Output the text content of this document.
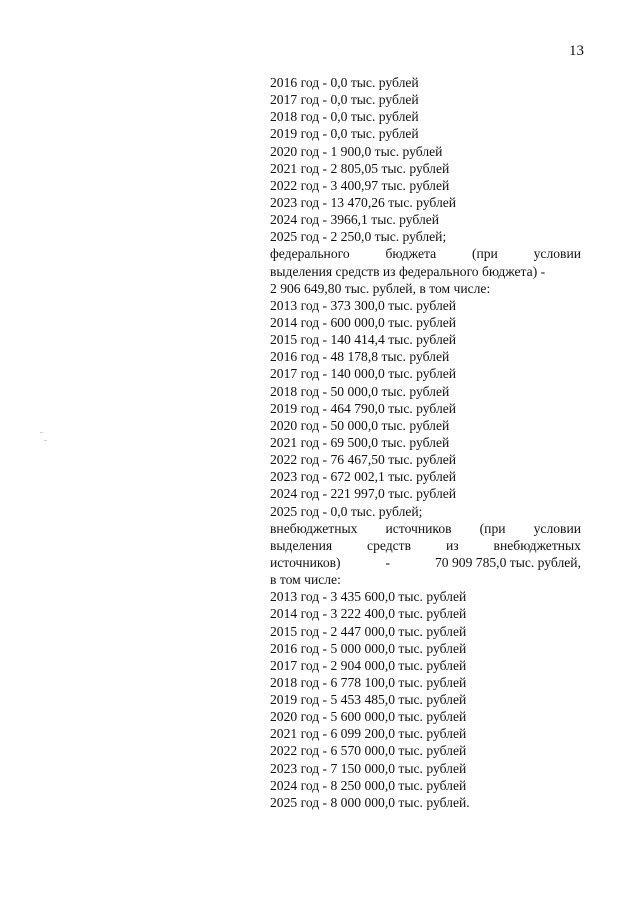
13
2016 год - 0,0 тыс. рублей
2017 год - 0,0 тыс. рублей
2018 год - 0,0 тыс. рублей
2019 год - 0,0 тыс. рублей
2020 год - 1 900,0 тыс. рублей
2021 год - 2 805,05 тыс. рублей
2022 год - 3 400,97 тыс. рублей
2023 год - 13 470,26 тыс. рублей
2024 год - 3966,1 тыс. рублей
2025 год - 2 250,0 тыс. рублей;
федерального	бюджета	(при	условии
выделения средств из федерального бюджета) -
2 906 649,80 тыс. рублей, в том числе:
2013 год - 373 300,0 тыс. рублей
2014 год - 600 000,0 тыс. рублей
2015 год - 140 414,4 тыс. рублей
2016 год - 48 178,8 тыс. рублей
2017 год - 140 000,0 тыс. рублей
2018 год - 50 000,0 тыс. рублей
2019 год - 464 790,0 тыс. рублей
2020 год - 50 000,0 тыс. рублей
2021 год - 69 500,0 тыс. рублей
2022 год - 76 467,50 тыс. рублей
2023 год - 672 002,1 тыс. рублей
2024 год - 221 997,0 тыс. рублей
2025 год - 0,0 тыс. рублей;
внебюджетных источников (при условии
выделения	средств	из	внебюджетных
источников)	-	70 909 785,0 тыс. рублей,
в том числе:
2013 год - 3 435 600,0 тыс. рублей
2014 год - 3 222 400,0 тыс. рублей
2015 год - 2 447 000,0 тыс. рублей
2016 год - 5 000 000,0 тыс. рублей
2017 год - 2 904 000,0 тыс. рублей
2018 год - 6 778 100,0 тыс. рублей
2019 год - 5 453 485,0 тыс. рублей
2020 год - 5 600 000,0 тыс. рублей
2021 год - 6 099 200,0 тыс. рублей
2022 год - 6 570 000,0 тыс. рублей
2023 год - 7 150 000,0 тыс. рублей
2024 год - 8 250 000,0 тыс. рублей
2025 год - 8 000 000,0 тыс. рублей.
